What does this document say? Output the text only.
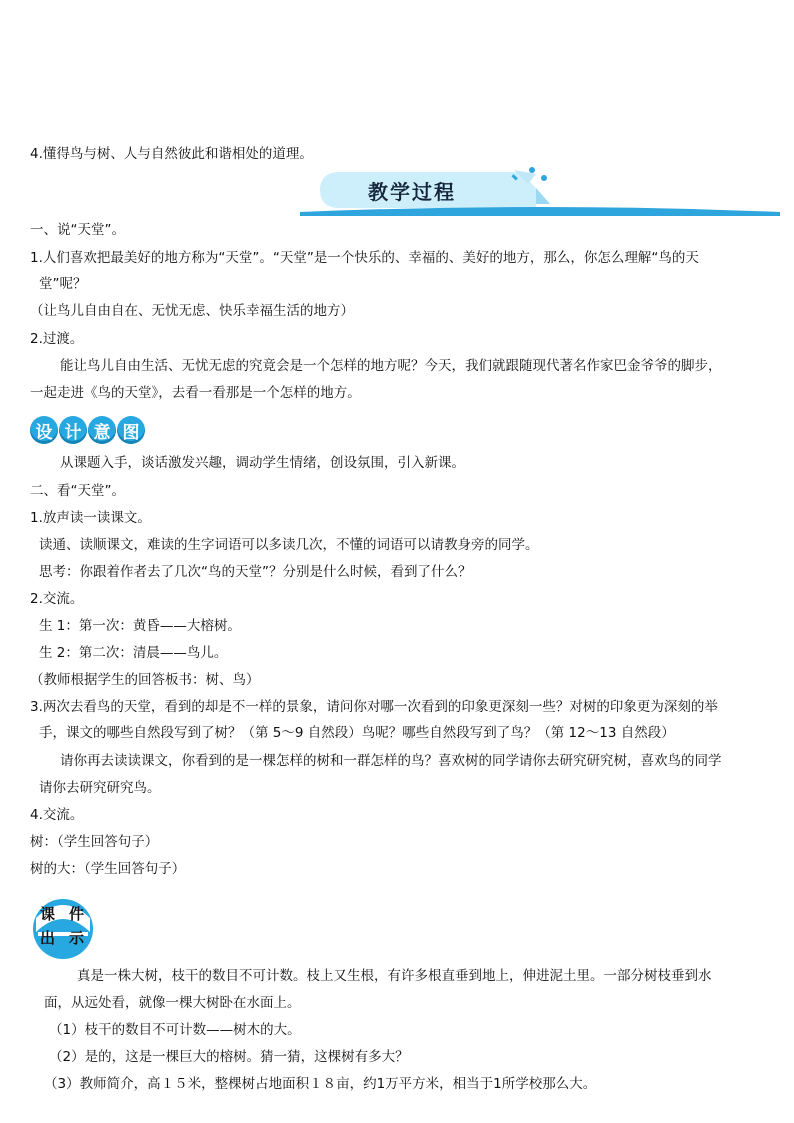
4.懂得鸟与树、人与自然彼此和谐相处的道理。
教学过程
一、说“天堂”。
1.人们喜欢把最美好的地方称为“天堂”。“天堂”是一个快乐的、幸福的、美好的地方，那么，你怎么理解“鸟的天
堂”呢？
（让鸟儿自由自在、无忧无虑、快乐幸福生活的地方）
2.过渡。
能让鸟儿自由生活、无忧无虑的究竟会是一个怎样的地方呢？今天，我们就跟随现代著名作家巴金爷爷的脚步，
一起走进《鸟的天堂》，去看一看那是一个怎样的地方。
设 计 意 图
从课题入手，谈话激发兴趣，调动学生情绪，创设氛围，引入新课。
二、看“天堂”。
1.放声读一读课文。
读通、读顺课文，难读的生字词语可以多读几次，不懂的词语可以请教身旁的同学。
思考：你跟着作者去了几次“鸟的天堂”？分别是什么时候，看到了什么？
2.交流。
生 1：第一次：黄昏——大榕树。
生 2：第二次：清晨——鸟儿。
（教师根据学生的回答板书：树、鸟）
3.两次去看鸟的天堂，看到的却是不一样的景象，请问你对哪一次看到的印象更深刻一些？对树的印象更为深刻的举
手，课文的哪些自然段写到了树？（第 5～9 自然段）鸟呢？哪些自然段写到了鸟？（第 12～13 自然段）
请你再去读读课文，你看到的是一棵怎样的树和一群怎样的鸟？喜欢树的同学请你去研究研究树，喜欢鸟的同学
请你去研究研究鸟。
4.交流。
树：（学生回答句子）
树的大：（学生回答句子）
课 件
出 示
真是一株大树，枝干的数目不可计数。枝上又生根，有许多根直垂到地上，伸进泥土里。一部分树枝垂到水
面，从远处看，就像一棵大树卧在水面上。
（1）枝干的数目不可计数——树木的大。
（2）是的，这是一棵巨大的榕树。猜一猜，这棵树有多大？
（3）教师简介，高１５米，整棵树占地面积１８亩，约1万平方米，相当于1所学校那么大。
